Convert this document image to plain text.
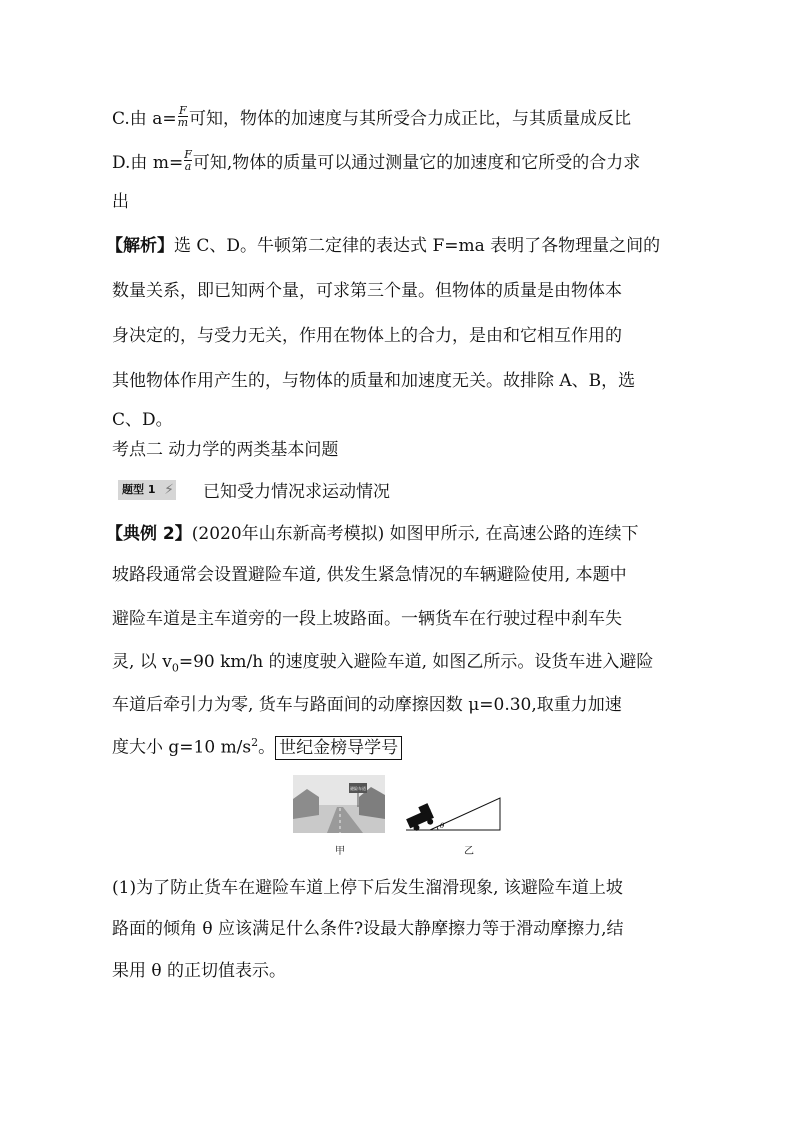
C.由 $a= \frac{F}{m}$ 可知，物体的加速度与其所受合力成正比，与其质量成反比
D.由 $m= \frac{F}{a}$ 可知,物体的质量可以通过测量它的加速度和它所受的合力求
出
【解析】选 C、D。牛顿第二定律的表达式 F=ma 表明了各物理量之间的
数量关系，即已知两个量，可求第三个量。但物体的质量是由物体本
身决定的，与受力无关，作用在物体上的合力，是由和它相互作用的
其他物体作用产生的，与物体的质量和加速度无关。故排除 A、B，选
C、D。
考点二 动力学的两类基本问题
题型 1 ⚡ 已知受力情况求运动情况
【典例 2】(2020年山东新高考模拟) 如图甲所示, 在高速公路的连续下
坡路段通常会设置避险车道, 供发生紧急情况的车辆避险使用, 本题中
避险车道是主车道旁的一段上坡路面。一辆货车在行驶过程中刹车失
灵, 以 $v_0=90$ km/h 的速度驶入避险车道, 如图乙所示。设货车进入避险
车道后牵引力为零, 货车与路面间的动摩擦因数 μ=0.30,取重力加速
度大小 g=10 $m/s^2$。 世纪金榜导学号
避险车道
甲
θ
乙
(1)为了防止货车在避险车道上停下后发生溜滑现象, 该避险车道上坡
路面的倾角 θ 应该满足什么条件?设最大静摩擦力等于滑动摩擦力,结
果用 θ 的正切值表示。
